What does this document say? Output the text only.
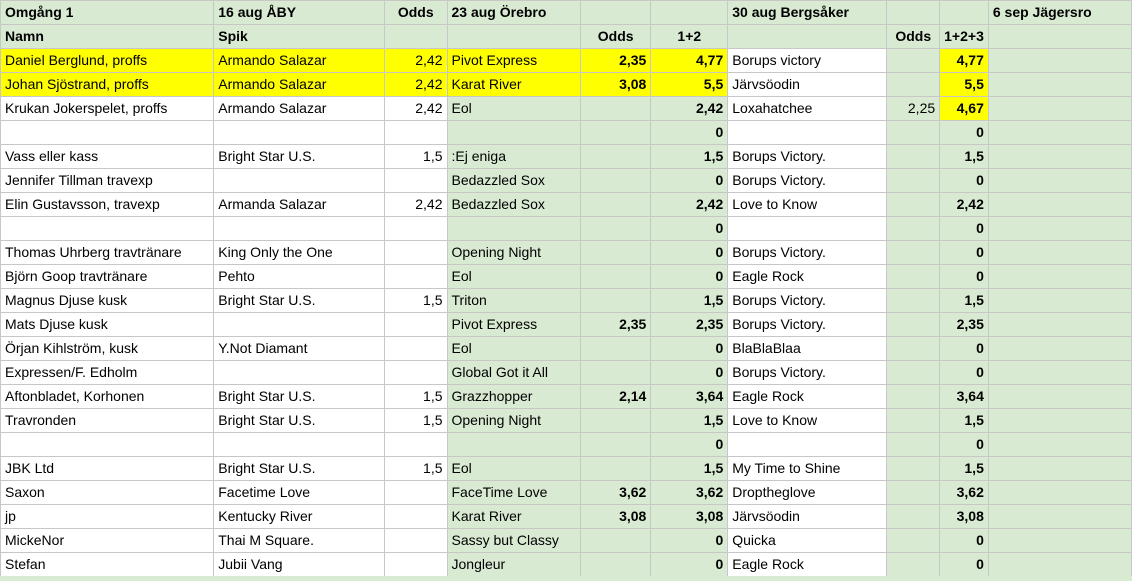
Omgång 1	16 aug ÅBY	Odds	23 aug Örebro			30 aug Bergsåker			6 sep Jägersro
Namn	Spik			Odds	1+2		Odds	1+2+3	
Daniel Berglund, proffs	Armando Salazar	2,42	Pivot Express	2,35	4,77	Borups victory		4,77	
Johan Sjöstrand, proffs	Armando Salazar	2,42	Karat River	3,08	5,5	Järvsöodin		5,5	
Krukan Jokerspelet, proffs	Armando Salazar	2,42	Eol		2,42	Loxahatchee	2,25	4,67	
					0			0	
Vass eller kass	Bright Star U.S.	1,5	:Ej eniga		1,5	Borups Victory.		1,5	
Jennifer Tillman travexp			Bedazzled Sox		0	Borups Victory.		0	
Elin Gustavsson, travexp	Armanda Salazar	2,42	Bedazzled Sox		2,42	Love to Know		2,42	
					0			0	
Thomas Uhrberg travtränare	King Only the One		Opening Night		0	Borups Victory.		0	
Björn Goop travtränare	Pehto		Eol		0	Eagle Rock		0	
Magnus Djuse kusk	Bright Star U.S.	1,5	Triton		1,5	Borups Victory.		1,5	
Mats Djuse kusk			Pivot Express	2,35	2,35	Borups Victory.		2,35	
Örjan Kihlström, kusk	Y.Not Diamant		Eol		0	BlaBlaBlaa		0	
Expressen/F. Edholm			Global Got it All		0	Borups Victory.		0	
Aftonbladet, Korhonen	Bright Star U.S.	1,5	Grazzhopper	2,14	3,64	Eagle Rock		3,64	
Travronden	Bright Star U.S.	1,5	Opening Night		1,5	Love to Know		1,5	
					0			0	
JBK Ltd	Bright Star U.S.	1,5	Eol		1,5	My Time to Shine		1,5	
Saxon	Facetime Love		FaceTime Love	3,62	3,62	Droptheglove		3,62	
jp	Kentucky River		Karat River	3,08	3,08	Järvsöodin		3,08	
MickeNor	Thai M Square.		Sassy but Classy		0	Quicka		0	
Stefan	Jubii Vang		Jongleur		0	Eagle Rock		0	
